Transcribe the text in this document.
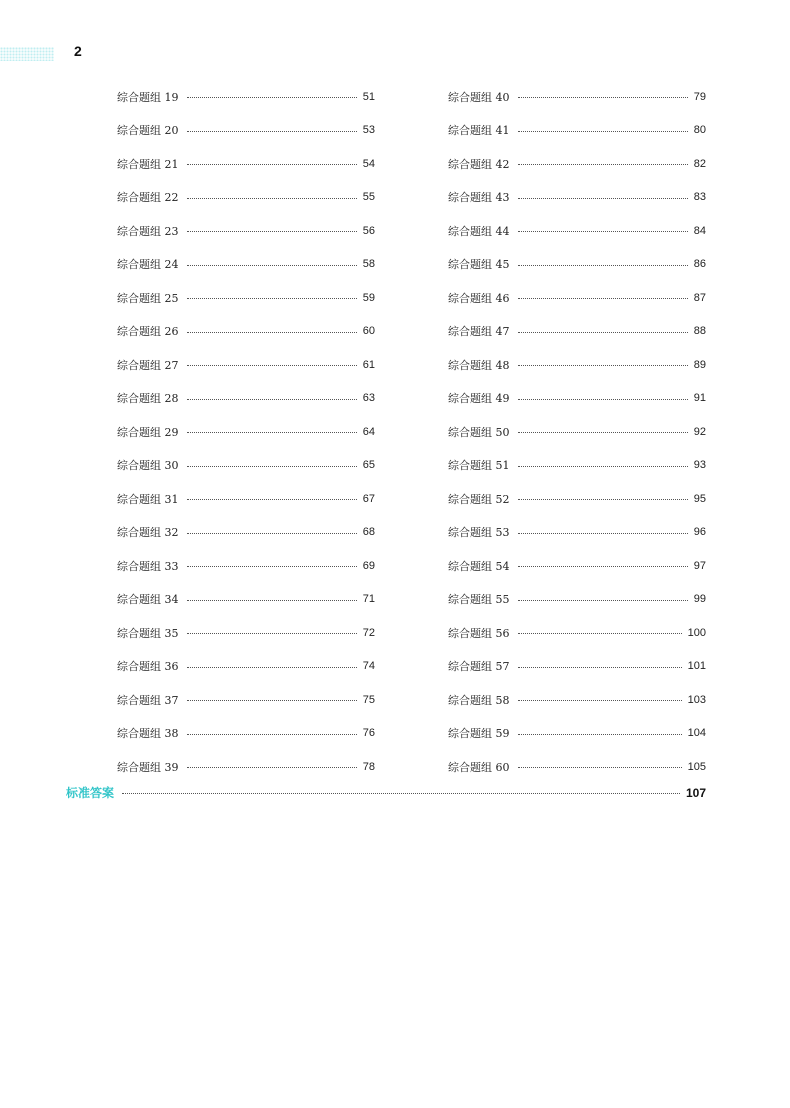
2
综合题组 19	51
综合题组 20	53
综合题组 21	54
综合题组 22	55
综合题组 23	56
综合题组 24	58
综合题组 25	59
综合题组 26	60
综合题组 27	61
综合题组 28	63
综合题组 29	64
综合题组 30	65
综合题组 31	67
综合题组 32	68
综合题组 33	69
综合题组 34	71
综合题组 35	72
综合题组 36	74
综合题组 37	75
综合题组 38	76
综合题组 39	78
综合题组 40	79
综合题组 41	80
综合题组 42	82
综合题组 43	83
综合题组 44	84
综合题组 45	86
综合题组 46	87
综合题组 47	88
综合题组 48	89
综合题组 49	91
综合题组 50	92
综合题组 51	93
综合题组 52	95
综合题组 53	96
综合题组 54	97
综合题组 55	99
综合题组 56	100
综合题组 57	101
综合题组 58	103
综合题组 59	104
综合题组 60	105
标准答案	107
